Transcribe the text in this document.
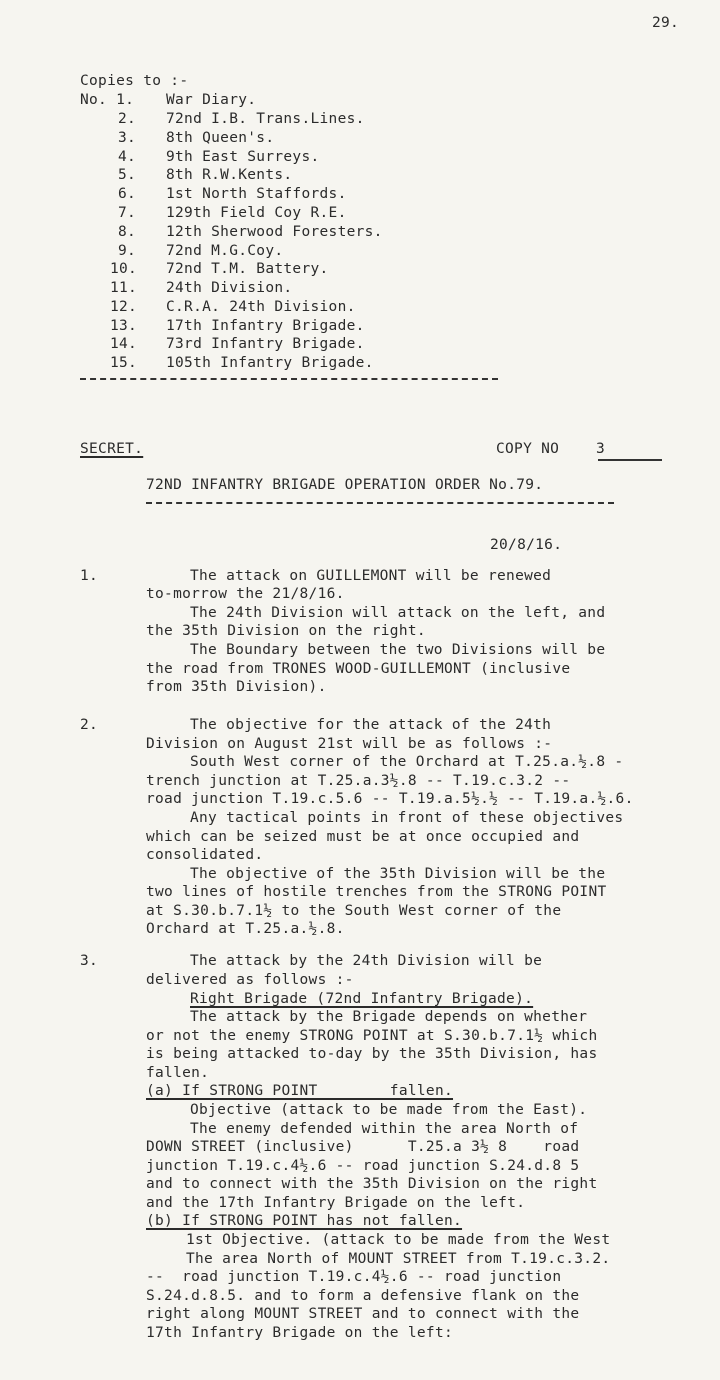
29.
Copies to :-
No. 1. War Diary.
2. 72nd I.B. Trans.Lines.
3. 8th Queen's.
4. 9th East Surreys.
5. 8th R.W.Kents.
6. 1st North Staffords.
7. 129th Field Coy R.E.
8. 12th Sherwood Foresters.
9. 72nd M.G.Coy.
10. 72nd T.M. Battery.
11. 24th Division.
12. C.R.A. 24th Division.
13. 17th Infantry Brigade.
14. 73rd Infantry Brigade.
15. 105th Infantry Brigade.
SECRET.	COPY NO	3
72ND INFANTRY BRIGADE OPERATION ORDER No.79.
20/8/16.
1.	The attack on GUILLEMONT will be renewed
to-morrow the 21/8/16.
The 24th Division will attack on the left, and
the 35th Division on the right.
The Boundary between the two Divisions will be
the road from TRONES WOOD-GUILLEMONT (inclusive
from 35th Division).
2.	The objective for the attack of the 24th
Division on August 21st will be as follows :-
South West corner of the Orchard at T.25.a.½.8 -
trench junction at T.25.a.3½.8 -- T.19.c.3.2 --
road junction T.19.c.5.6 -- T.19.a.5½.½ -- T.19.a.½.6.
Any tactical points in front of these objectives
which can be seized must be at once occupied and
consolidated.
The objective of the 35th Division will be the
two lines of hostile trenches from the STRONG POINT
at S.30.b.7.1½ to the South West corner of the
Orchard at T.25.a.½.8.
3.	The attack by the 24th Division will be
delivered as follows :-
Right Brigade (72nd Infantry Brigade).
The attack by the Brigade depends on whether
or not the enemy STRONG POINT at S.30.b.7.1½ which
is being attacked to-day by the 35th Division, has
fallen.
(a) If STRONG POINT        fallen.
Objective (attack to be made from the East).
The enemy defended within the area North of
DOWN STREET (inclusive)      T.25.a 3½ 8    road
junction T.19.c.4½.6 -- road junction S.24.d.8 5
and to connect with the 35th Division on the right
and the 17th Infantry Brigade on the left.
(b) If STRONG POINT has not fallen.
1st Objective. (attack to be made from the West
The area North of MOUNT STREET from T.19.c.3.2.
--  road junction T.19.c.4½.6 -- road junction
S.24.d.8.5. and to form a defensive flank on the
right along MOUNT STREET and to connect with the
17th Infantry Brigade on the left:
